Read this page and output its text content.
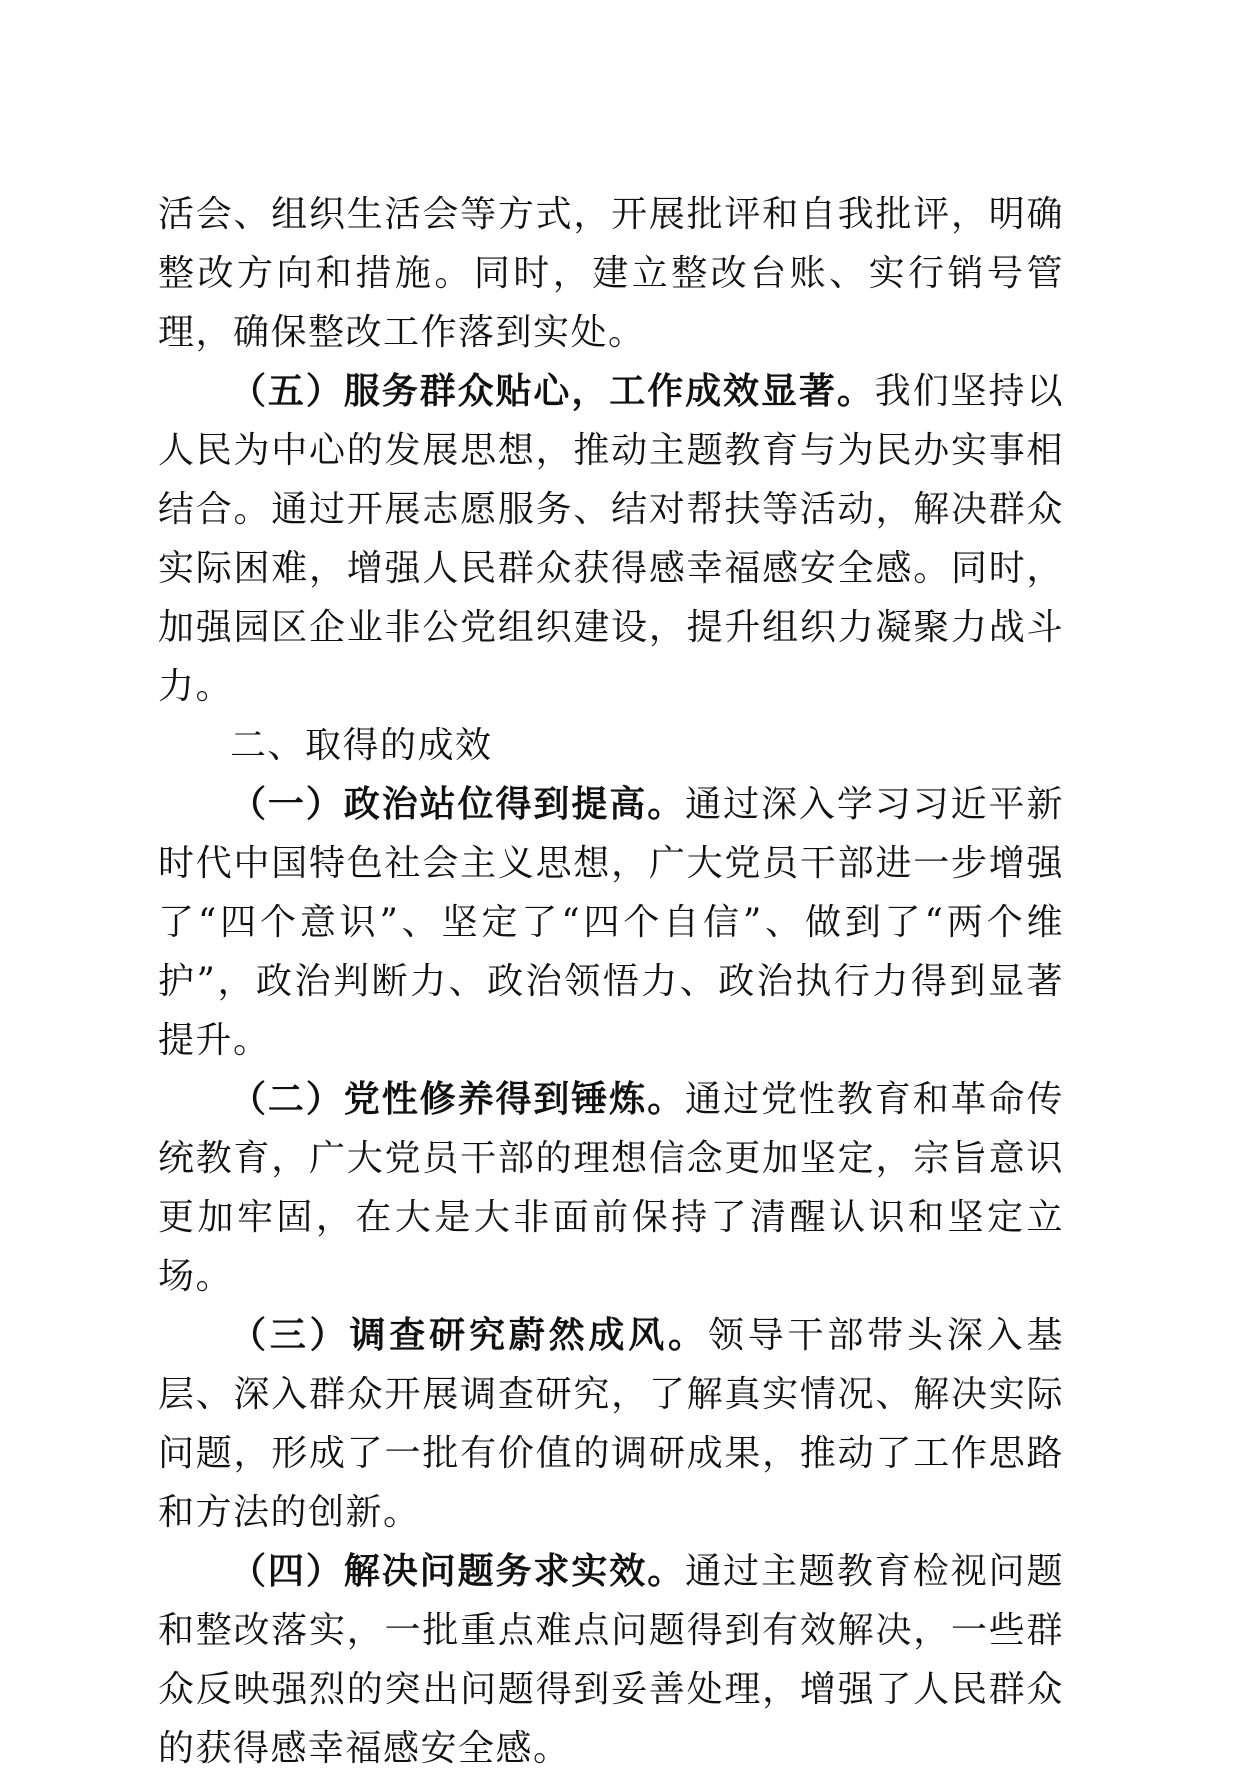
活会、组织生活会等方式，开展批评和自我批评，明确整改方向和措施。同时，建立整改台账、实行销号管理，确保整改工作落到实处。

（五）服务群众贴心，工作成效显著。我们坚持以人民为中心的发展思想，推动主题教育与为民办实事相结合。通过开展志愿服务、结对帮扶等活动，解决群众实际困难，增强人民群众获得感幸福感安全感。同时，加强园区企业非公党组织建设，提升组织力凝聚力战斗力。

二、取得的成效

（一）政治站位得到提高。通过深入学习习近平新时代中国特色社会主义思想，广大党员干部进一步增强了“四个意识”、坚定了“四个自信”、做到了“两个维护”，政治判断力、政治领悟力、政治执行力得到显著提升。

（二）党性修养得到锤炼。通过党性教育和革命传统教育，广大党员干部的理想信念更加坚定，宗旨意识更加牢固，在大是大非面前保持了清醒认识和坚定立场。

（三）调查研究蔚然成风。领导干部带头深入基层、深入群众开展调查研究，了解真实情况、解决实际问题，形成了一批有价值的调研成果，推动了工作思路和方法的创新。

（四）解决问题务求实效。通过主题教育检视问题和整改落实，一批重点难点问题得到有效解决，一些群众反映强烈的突出问题得到妥善处理，增强了人民群众的获得感幸福感安全感。
